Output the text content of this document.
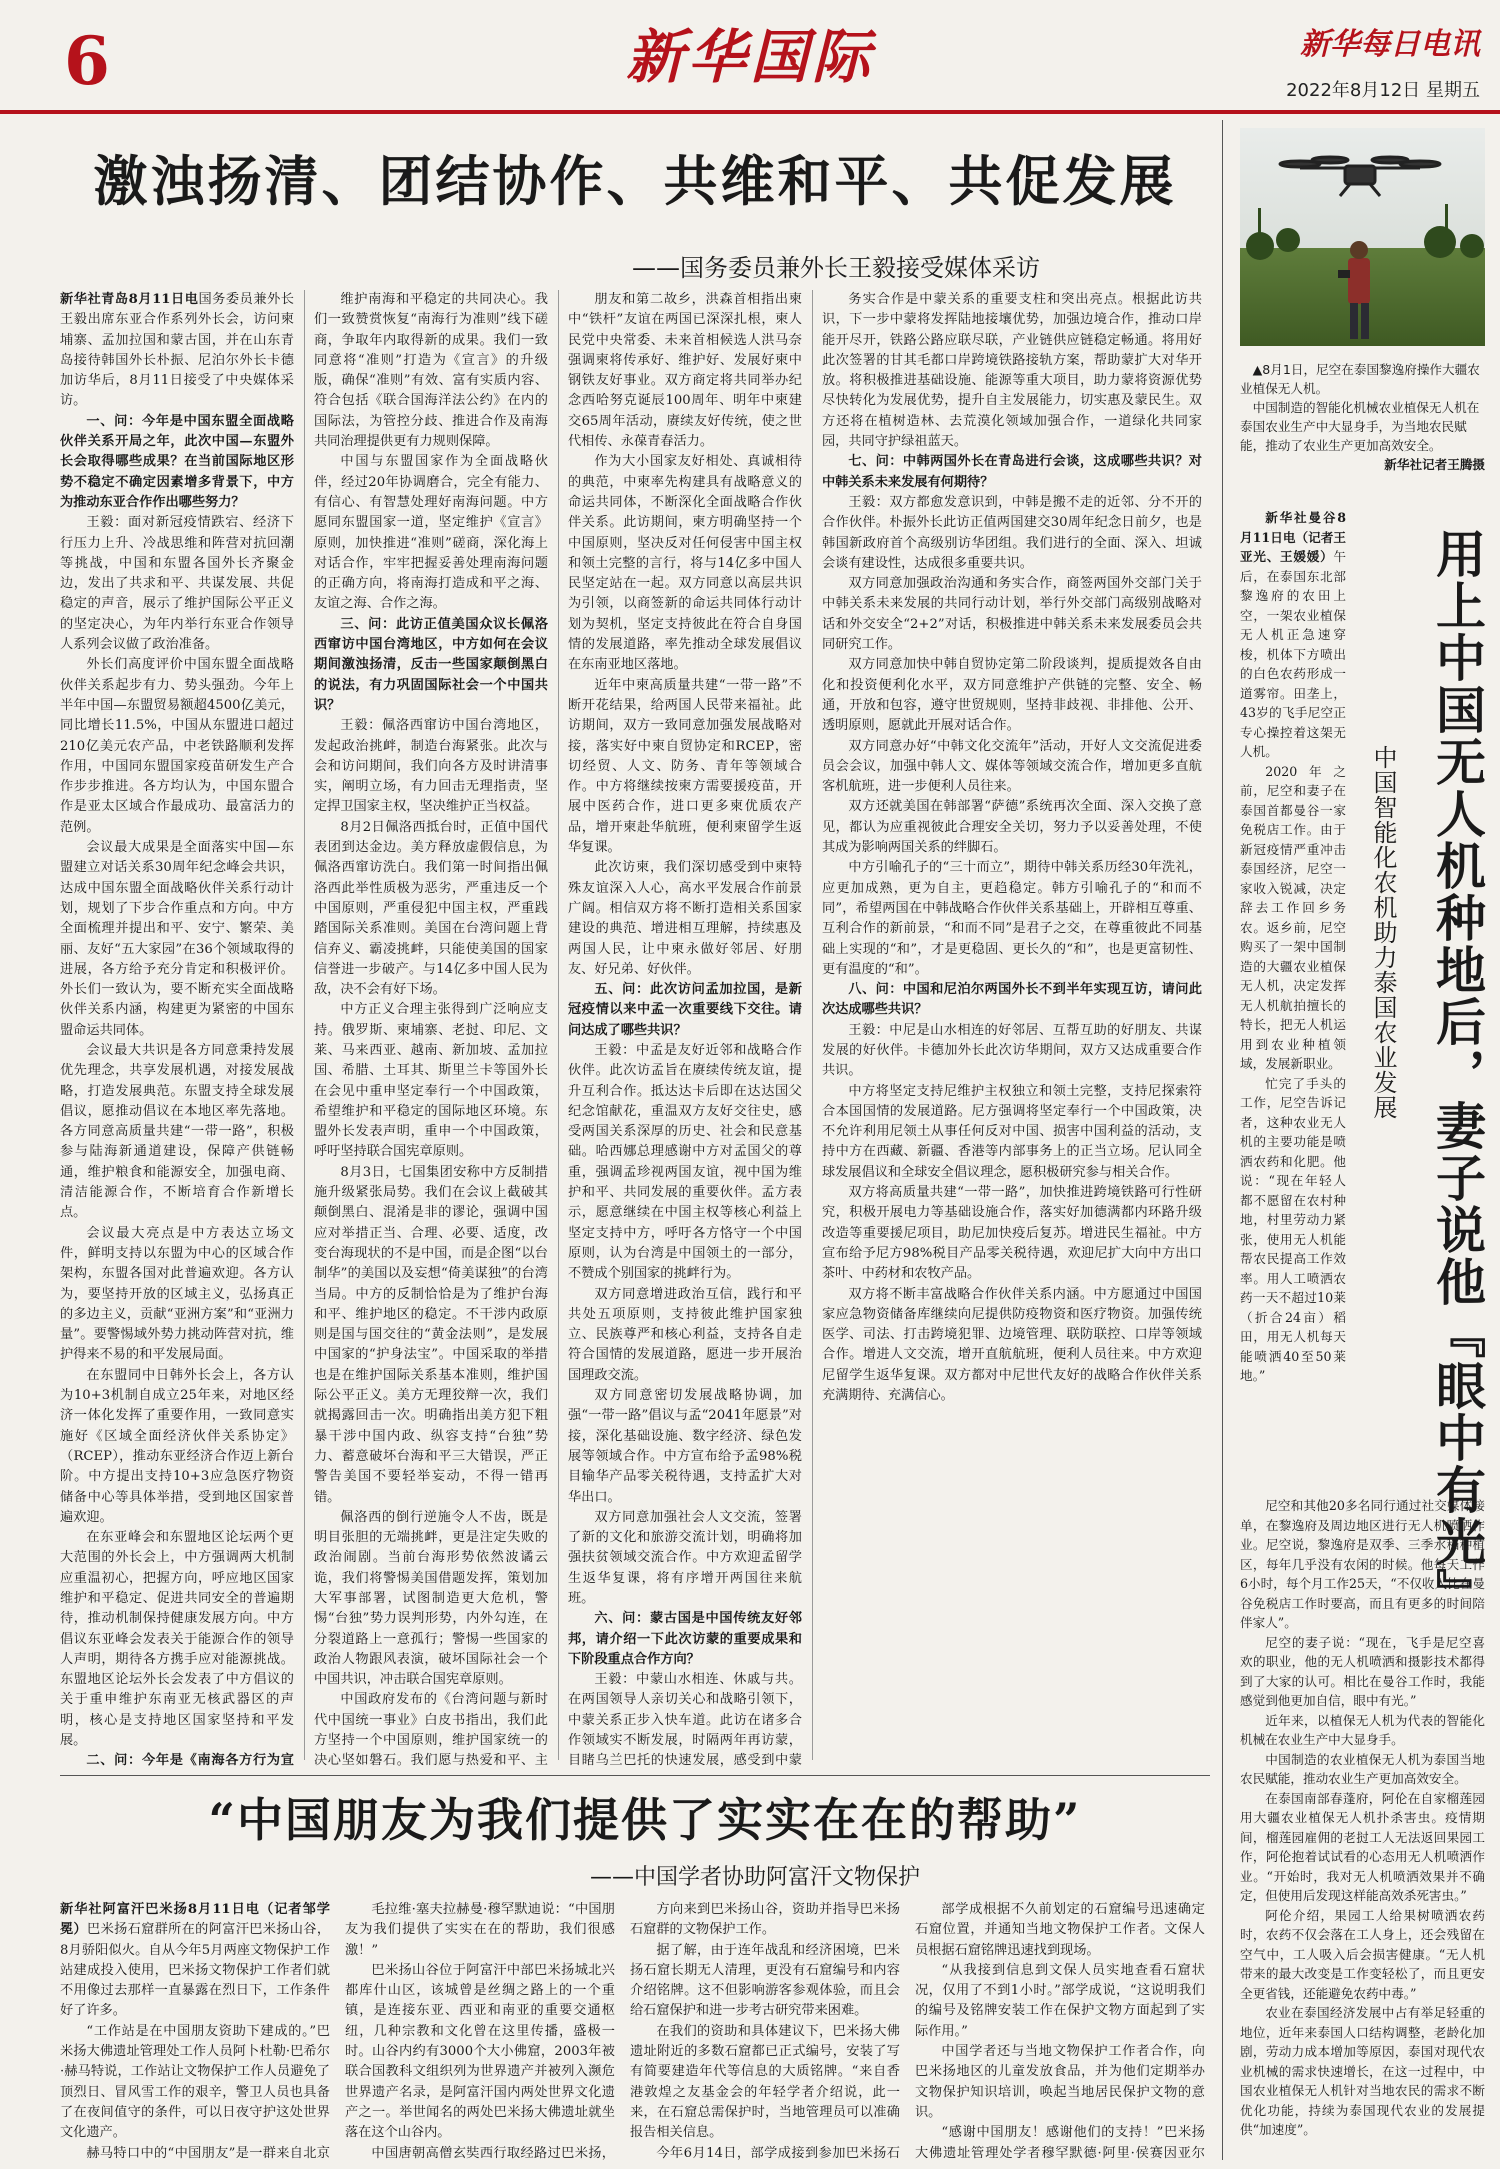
6	新华国际	新华每日电讯
2022年8月12日 星期五
激浊扬清、团结协作、共维和平、共促发展
——国务委员兼外长王毅接受媒体采访

新华社青岛8月11日电国务委员兼外长王毅出席东亚合作系列外长会，访问柬埔寨、孟加拉国和蒙古国，并在山东青岛接待韩国外长朴振、尼泊尔外长卡德加访华后，8月11日接受了中央媒体采访。

一、问：今年是中国东盟全面战略伙伴关系开局之年，此次中国—东盟外长会取得哪些成果？在当前国际地区形势不稳定不确定因素增多背景下，中方为推动东亚合作作出哪些努力？

王毅：面对新冠疫情跌宕、经济下行压力上升、冷战思维和阵营对抗回潮等挑战，中国和东盟各国外长齐聚金边，发出了共求和平、共谋发展、共促稳定的声音，展示了维护国际公平正义的坚定决心，为年内举行东亚合作领导人系列会议做了政治准备。

外长们高度评价中国东盟全面战略伙伴关系起步有力、势头强劲。今年上半年中国—东盟贸易额超4500亿美元，同比增长11.5%，中国从东盟进口超过210亿美元农产品，中老铁路顺利发挥作用，中国同东盟国家疫苗研发生产合作步步推进。各方均认为，中国东盟合作是亚太区域合作最成功、最富活力的范例。

会议最大成果是全面落实中国—东盟建立对话关系30周年纪念峰会共识，达成中国东盟全面战略伙伴关系行动计划，规划了下步合作重点和方向。中方全面梳理并提出和平、安宁、繁荣、美丽、友好“五大家园”在36个领域取得的进展，各方给予充分肯定和积极评价。外长们一致认为，要不断充实全面战略伙伴关系内涵，构建更为紧密的中国东盟命运共同体。

会议最大共识是各方同意秉持发展优先理念，共享发展机遇，对接发展战略，打造发展典范。东盟支持全球发展倡议，愿推动倡议在本地区率先落地。各方同意高质量共建“一带一路”，积极参与陆海新通道建设，保障产供链畅通，维护粮食和能源安全，加强电商、清洁能源合作，不断培育合作新增长点。

会议最大亮点是中方表达立场文件，鲜明支持以东盟为中心的区域合作架构，东盟各国对此普遍欢迎。各方认为，要坚持开放的区域主义，弘扬真正的多边主义，贡献“亚洲方案”和“亚洲力量”。要警惕域外势力挑动阵营对抗，维护得来不易的和平发展局面。

在东盟同中日韩外长会上，各方认为10+3机制自成立25年来，对地区经济一体化发挥了重要作用，一致同意实施好《区域全面经济伙伴关系协定》（RCEP），推动东亚经济合作迈上新台阶。中方提出支持10+3应急医疗物资储备中心等具体举措，受到地区国家普遍欢迎。

在东亚峰会和东盟地区论坛两个更大范围的外长会上，中方强调两大机制应重温初心，把握方向，呼应地区国家维护和平稳定、促进共同安全的普遍期待，推动机制保持健康发展方向。中方倡议东亚峰会发表关于能源合作的领导人声明，期待各方携手应对能源挑战。东盟地区论坛外长会发表了中方倡议的关于重申维护东南亚无核武器区的声明，核心是支持地区国家坚持和平发展。

二、问：今年是《南海各方行为宣

维护南海和平稳定的共同决心。我们一致赞赏恢复“南海行为准则”线下磋商，争取年内取得新的成果。我们一致同意将“准则”打造为《宣言》的升级版，确保“准则”有效、富有实质内容、符合包括《联合国海洋法公约》在内的国际法，为管控分歧、推进合作及南海共同治理提供更有力规则保障。

中国与东盟国家作为全面战略伙伴，经过20年协调磨合，完全有能力、有信心、有智慧处理好南海问题。中方愿同东盟国家一道，坚定维护《宣言》原则，加快推进“准则”磋商，深化海上对话合作，牢牢把握妥善处理南海问题的正确方向，将南海打造成和平之海、友谊之海、合作之海。

三、问：此访正值美国众议长佩洛西窜访中国台湾地区，中方如何在会议期间激浊扬清，反击一些国家颠倒黑白的说法，有力巩固国际社会一个中国共识？

王毅：佩洛西窜访中国台湾地区，发起政治挑衅，制造台海紧张。此次与会和访问期间，我们向各方及时讲清事实，阐明立场，有力回击无理指责，坚定捍卫国家主权，坚决维护正当权益。

8月2日佩洛西抵台时，正值中国代表团到达金边。美方释放虚假信息，为佩洛西窜访洗白。我们第一时间指出佩洛西此举性质极为恶劣，严重违反一个中国原则，严重侵犯中国主权，严重践踏国际关系准则。美国在台湾问题上背信弃义、霸凌挑衅，只能使美国的国家信誉进一步破产。与14亿多中国人民为敌，决不会有好下场。

中方正义合理主张得到广泛响应支持。俄罗斯、柬埔寨、老挝、印尼、文莱、马来西亚、越南、新加坡、孟加拉国、希腊、土耳其、斯里兰卡等国外长在会见中重申坚定奉行一个中国政策，希望维护和平稳定的国际地区环境。东盟外长发表声明，重申一个中国政策，呼吁坚持联合国宪章原则。

8月3日，七国集团安称中方反制措施升级紧张局势。我们在会议上截破其颠倒黑白、混淆是非的谬论，强调中国应对举措正当、合理、必要、适度，改变台海现状的不是中国，而是企图“以台制华”的美国以及妄想“倚美谋独”的台湾当局。中方的反制恰恰是为了维护台海和平、维护地区的稳定。不干涉内政原则是国与国交往的“黄金法则”，是发展中国家的“护身法宝”。中国采取的举措也是在维护国际关系基本准则，维护国际公平正义。美方无理狡辩一次，我们就揭露回击一次。明确指出美方犯下粗暴干涉中国内政、纵容支持“台独”势力、蓄意破坏台海和平三大错误，严正警告美国不要轻举妄动，不得一错再错。

佩洛西的倒行逆施令人不齿，既是明目张胆的无端挑衅，更是注定失败的政治闹剧。当前台海形势依然波谲云诡，我们将警惕美国借题发挥，策划加大军事部署，试图制造更大危机，警惕“台独”势力误判形势，内外勾连，在分裂道路上一意孤行；警惕一些国家的政治人物跟风表演，破坏国际社会一个中国共识，冲击联合国宪章原则。

中国政府发布的《台湾问题与新时代中国统一事业》白皮书指出，我们此方坚持一个中国原则，维护国家统一的决心坚如磐石。我们愿与热爱和平、主

朋友和第二故乡，洪森首相指出柬中“铁杆”友谊在两国已深深扎根，柬人民党中央常委、未来首相候选人洪马奈强调柬将传承好、维护好、发展好柬中钢铁友好事业。双方商定将共同举办纪念西哈努克诞辰100周年、明年中柬建交65周年活动，赓续友好传统，使之世代相传、永葆青春活力。

作为大小国家友好相处、真诚相待的典范，中柬率先构建具有战略意义的命运共同体，不断深化全面战略合作伙伴关系。此访期间，柬方明确坚持一个中国原则，坚决反对任何侵害中国主权和领土完整的言行，将与14亿多中国人民坚定站在一起。双方同意以高层共识为引领，以商签新的命运共同体行动计划为契机，坚定支持彼此在符合自身国情的发展道路，率先推动全球发展倡议在东南亚地区落地。

近年中柬高质量共建“一带一路”不断开花结果，给两国人民带来福祉。此访期间，双方一致同意加强发展战略对接，落实好中柬自贸协定和RCEP，密切经贸、人文、防务、青年等领域合作。中方将继续按柬方需要援疫苗，开展中医药合作，进口更多柬优质农产品，增开柬赴华航班，便利柬留学生返华复课。

此次访柬，我们深切感受到中柬特殊友谊深入人心，高水平发展合作前景广阔。相信双方将不断打造相关系国家建设的典范、增进相互理解，持续惠及两国人民，让中柬永做好邻居、好朋友、好兄弟、好伙伴。

五、问：此次访问孟加拉国，是新冠疫情以来中孟一次重要线下交往。请问达成了哪些共识？

王毅：中孟是友好近邻和战略合作伙伴。此次访孟旨在赓续传统友谊，提升互利合作。抵达达卡后即在达达国父纪念馆献花，重温双方友好交往史，感受两国关系深厚的历史、社会和民意基础。哈西娜总理感谢中方对孟国父的尊重，强调孟珍视两国友谊，视中国为维护和平、共同发展的重要伙伴。孟方表示，愿意继续在中国主权等核心利益上坚定支持中方，呼吁各方恪守一个中国原则，认为台湾是中国领土的一部分，不赞成个别国家的挑衅行为。

双方同意增进政治互信，践行和平共处五项原则，支持彼此维护国家独立、民族尊严和核心利益，支持各自走符合国情的发展道路，愿进一步开展治国理政交流。

双方同意密切发展战略协调，加强“一带一路”倡议与孟“2041年愿景”对接，深化基础设施、数字经济、绿色发展等领域合作。中方宣布给予孟98%税目输华产品零关税待遇，支持孟扩大对华出口。

双方同意加强社会人文交流，签署了新的文化和旅游交流计划，明确将加强扶贫领域交流合作。中方欢迎孟留学生返华复课，将有序增开两国往来航班。

六、问：蒙古国是中国传统友好邻邦，请介绍一下此次访蒙的重要成果和下阶段重点合作方向？

王毅：中蒙山水相连、休戚与共。在两国领导人亲切关心和战略引领下，中蒙关系正步入快车道。此访在诸多合作领域实不断发展，时隔两年再访蒙，目睹乌兰巴托的快速发展，感受到中蒙

务实合作是中蒙关系的重要支柱和突出亮点。根据此访共识，下一步中蒙将发挥陆地接壤优势，加强边境合作，推动口岸能开尽开，铁路公路应联尽联，产业链供应链稳定畅通。将用好此次签署的甘其毛都口岸跨境铁路接轨方案，帮助蒙扩大对华开放。将积极推进基础设施、能源等重大项目，助力蒙将资源优势尽快转化为发展优势，提升自主发展能力，切实惠及蒙民生。双方还将在植树造林、去荒漠化领域加强合作，一道绿化共同家园，共同守护绿祖蓝天。

七、问：中韩两国外长在青岛进行会谈，这成哪些共识？对中韩关系未来发展有何期待？

王毅：双方都愈发意识到，中韩是搬不走的近邻、分不开的合作伙伴。朴振外长此访正值两国建交30周年纪念日前夕，也是韩国新政府首个高级别访华团组。我们进行的全面、深入、坦诚会谈有建设性，达成很多重要共识。

双方同意加强政治沟通和务实合作，商签两国外交部门关于中韩关系未来发展的共同行动计划，举行外交部门高级别战略对话和外交安全“2+2”对话，积极推进中韩关系未来发展委员会共同研究工作。

双方同意加快中韩自贸协定第二阶段谈判，提质提效各自由化和投资便利化水平，双方同意维护产供链的完整、安全、畅通，开放和包容，遵守世贸规则，坚持非歧视、非排他、公开、透明原则，愿就此开展对话合作。

双方同意办好“中韩文化交流年”活动，开好人文交流促进委员会会议，加强中韩人文、媒体等领域交流合作，增加更多直航客机航班，进一步便利人员往来。

双方还就美国在韩部署“萨德”系统再次全面、深入交换了意见，都认为应重视彼此合理安全关切，努力予以妥善处理，不使其成为影响两国关系的绊脚石。

中方引喻孔子的“三十而立”，期待中韩关系历经30年洗礼，应更加成熟，更为自主，更趋稳定。韩方引喻孔子的“和而不同”，希望两国在中韩战略合作伙伴关系基础上，开辟相互尊重、互利合作的新前景，“和而不同”是君子之交，在尊重彼此不同基础上实现的“和”，才是更稳固、更长久的“和”，也是更富韧性、更有温度的“和”。

八、问：中国和尼泊尔两国外长不到半年实现互访，请问此次达成哪些共识？

王毅：中尼是山水相连的好邻居、互帮互助的好朋友、共谋发展的好伙伴。卡德加外长此次访华期间，双方又达成重要合作共识。

中方将坚定支持尼维护主权独立和领土完整，支持尼探索符合本国国情的发展道路。尼方强调将坚定奉行一个中国政策，决不允许利用尼领土从事任何反对中国、损害中国利益的活动，支持中方在西藏、新疆、香港等内部事务上的正当立场。尼认同全球发展倡议和全球安全倡议理念，愿积极研究参与相关合作。

双方将高质量共建“一带一路”，加快推进跨境铁路可行性研究，积极开展电力等基础设施合作，落实好加德满都内环路升级改造等重要援尼项目，助尼加快疫后复苏。增进民生福祉。中方宣布给予尼方98%税目产品零关税待遇，欢迎尼扩大向中方出口茶叶、中药材和农牧产品。

双方将不断丰富战略合作伙伴关系内涵。中方愿通过中国国家应急物资储备库继续向尼提供防疫物资和医疗物资。加强传统医学、司法、打击跨境犯罪、边境管理、联防联控、口岸等领域合作。增进人文交流，增开直航航班，便利人员往来。中方欢迎尼留学生返华复课。双方都对中尼世代友好的战略合作伙伴关系充满期待、充满信心。

“中国朋友为我们提供了实实在在的帮助”
——中国学者协助阿富汗文物保护

新华社阿富汗巴米扬8月11日电（记者邹学冕）巴米扬石窟群所在的阿富汗巴米扬山谷，8月骄阳似火。自从今年5月两座文物保护工作站建成投入使用，巴米扬文物保护工作者们就不用像过去那样一直暴露在烈日下，工作条件好了许多。

“工作站是在中国朋友资助下建成的。”巴米扬大佛遗址管理处工作人员阿卜杜勒·巴希尔·赫马特说，工作站让文物保护工作人员避免了顶烈日、冒风雪工作的艰辛，警卫人员也具备了在夜间值守的条件，可以日夜守护这处世界文化遗产。

赫马特口中的“中国朋友”是一群来自北京

毛拉维·塞夫拉赫曼·穆罕默迪说：“中国朋友为我们提供了实实在在的帮助，我们很感激！”

巴米扬山谷位于阿富汗中部巴米扬城北兴都库什山区，该城曾是丝绸之路上的一个重镇，是连接东亚、西亚和南亚的重要交通枢纽，几种宗教和文化曾在这里传播，盛极一时。山谷内约有3000个大小佛窟，2003年被联合国教科文组织列为世界遗产并被列入濒危世界遗产名录，是阿富汗国内两处世界文化遗产之一。举世闻名的两处巴米扬大佛遗址就坐落在这个山谷内。

中国唐朝高僧玄奘西行取经路过巴米扬，

方向来到巴米扬山谷，资助并指导巴米扬石窟群的文物保护工作。

据了解，由于连年战乱和经济困境，巴米扬石窟长期无人清理，更没有石窟编号和内容介绍铭牌。这不但影响游客参观体验，而且会给石窟保护和进一步考古研究带来困难。

在我们的资助和具体建议下，巴米扬大佛遗址附近的多数石窟都已正式编号，安装了写有简要建造年代等信息的大质铭牌。“来自香港敦煌之友基金会的年轻学者介绍说，此一来，在石窟总需保护时，当地管理员可以准确报告相关信息。

今年6月14日，部学成接到参加巴米扬石

部学成根据不久前划定的石窟编号迅速确定石窟位置，并通知当地文物保护工作者。文保人员根据石窟铭牌迅速找到现场。

“从我接到信息到文保人员实地查看石窟状况，仅用了不到1小时。”部学成说，“这说明我们的编号及铭牌安装工作在保护文物方面起到了实际作用。”

中国学者还与当地文物保护工作者合作，向巴米扬地区的儿童发放食品，并为他们定期举办文物保护知识培训，唤起当地居民保护文物的意识。

“感谢中国朋友！感谢他们的支持！”巴米扬大佛遗址管理处学者穆罕默德·阿里·侯赛因亚尔

▲8月1日，尼空在泰国黎逸府操作大疆农业植保无人机。

中国制造的智能化机械农业植保无人机在泰国农业生产中大显身手，为当地农民赋能，推动了农业生产更加高效安全。

新华社记者王腾摄

用上中国无人机种地后，妻子说他『眼中有光』
中国智能化农机助力泰国农业发展

新华社曼谷8月11日电（记者王亚光、王媛媛）午后，在泰国东北部黎逸府的农田上空，一架农业植保无人机正急速穿梭，机体下方喷出的白色农药形成一道雾帘。田垄上，43岁的飞手尼空正专心操控着这架无人机。

2020年之前，尼空和妻子在泰国首都曼谷一家免税店工作。由于新冠疫情严重冲击泰国经济，尼空一家收入锐减，决定辞去工作回乡务农。返乡前，尼空购买了一架中国制造的大疆农业植保无人机，决定发挥无人机航拍擅长的特长，把无人机运用到农业种植领域，发展新职业。

忙完了手头的工作，尼空告诉记者，这种农业无人机的主要功能是喷洒农药和化肥。他说：“现在年轻人都不愿留在农村种地，村里劳动力紧张，使用无人机能帮农民提高工作效率。用人工喷洒农药一天不超过10莱（折合24亩）稻田，用无人机每天能喷洒40至50莱地。”

尼空和其他20多名同行通过社交媒体接单，在黎逸府及周边地区进行无人机喷洒作业。尼空说，黎逸府是双季、三季水稻种植区，每年几乎没有农闲的时候。他每天工作6小时，每个月工作25天，“不仅收入比在曼谷免税店工作时要高，而且有更多的时间陪伴家人”。

尼空的妻子说：“现在，飞手是尼空喜欢的职业，他的无人机喷洒和摄影技术都得到了大家的认可。相比在曼谷工作时，我能感觉到他更加自信，眼中有光。”

近年来，以植保无人机为代表的智能化机械在农业生产中大显身手。

中国制造的农业植保无人机为泰国当地农民赋能，推动农业生产更加高效安全。

在泰国南部春蓬府，阿伦在自家榴莲园用大疆农业植保无人机扑杀害虫。疫情期间，榴莲园雇佣的老挝工人无法返回果园工作，阿伦抱着试试看的心态用无人机喷洒作业。“开始时，我对无人机喷洒效果并不确定，但使用后发现这样能高效杀死害虫。”

阿伦介绍，果园工人给果树喷洒农药时，农药不仅会落在工人身上，还会残留在空气中，工人吸入后会损害健康。“无人机带来的最大改变是工作变轻松了，而且更安全更省钱，还能避免农药中毒。”

农业在泰国经济发展中占有举足轻重的地位，近年来泰国人口结构调整，老龄化加剧，劳动力成本增加等原因，泰国对现代农业机械的需求快速增长，在这一过程中，中国农业植保无人机针对当地农民的需求不断优化功能，持续为泰国现代农业的发展提供“加速度”。
